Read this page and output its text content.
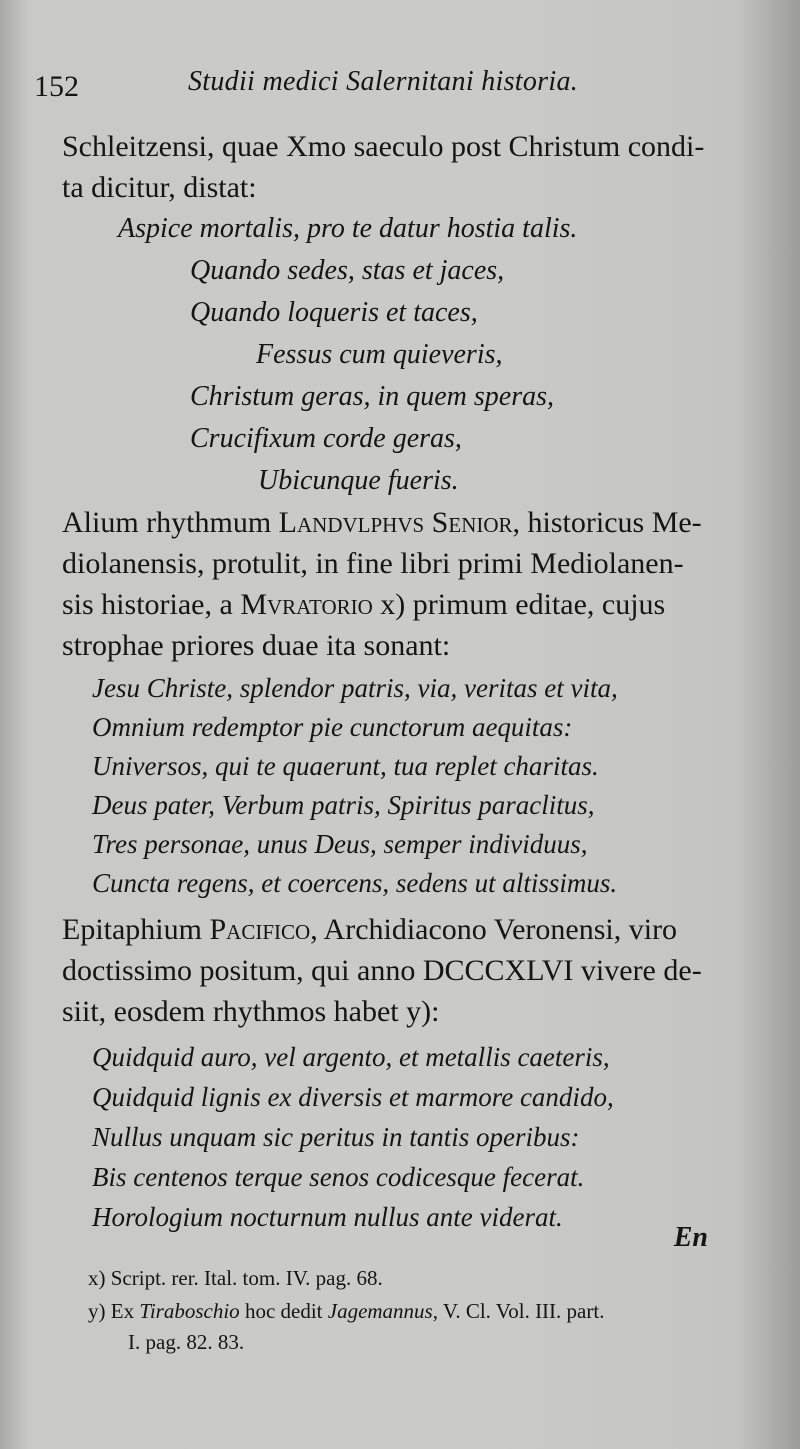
152	Studii medici Salernitani historia.
Schleitzensi, quae Xmo saeculo post Christum condi-
ta dicitur, distat:
Aspice mortalis, pro te datur hostia talis.
Quando sedes, stas et jaces,
Quando loqueris et taces,
Fessus cum quieveris,
Christum geras, in quem speras,
Crucifixum corde geras,
Ubicunque fueris.
Alium rhythmum Landvlphvs Senior, historicus Me-
diolanensis, protulit, in fine libri primi Mediolanen-
sis historiae, a Mvratorio x) primum editae, cujus
strophae priores duae ita sonant:
Jesu Christe, splendor patris, via, veritas et vita,
Omnium redemptor pie cunctorum aequitas:
Universos, qui te quaerunt, tua replet charitas.
Deus pater, Verbum patris, Spiritus paraclitus,
Tres personae, unus Deus, semper individuus,
Cuncta regens, et coercens, sedens ut altissimus.
Epitaphium Pacifico, Archidiacono Veronensi, viro
doctissimo positum, qui anno DCCCXLVI vivere de-
siit, eosdem rhythmos habet y):
Quidquid auro, vel argento, et metallis caeteris,
Quidquid lignis ex diversis et marmore candido,
Nullus unquam sic peritus in tantis operibus:
Bis centenos terque senos codicesque fecerat.
Horologium nocturnum nullus ante viderat.
En
x) Script. rer. Ital. tom. IV. pag. 68.
y) Ex Tiraboschio hoc dedit Jagemannus, V. Cl. Vol. III. part.
I. pag. 82. 83.
